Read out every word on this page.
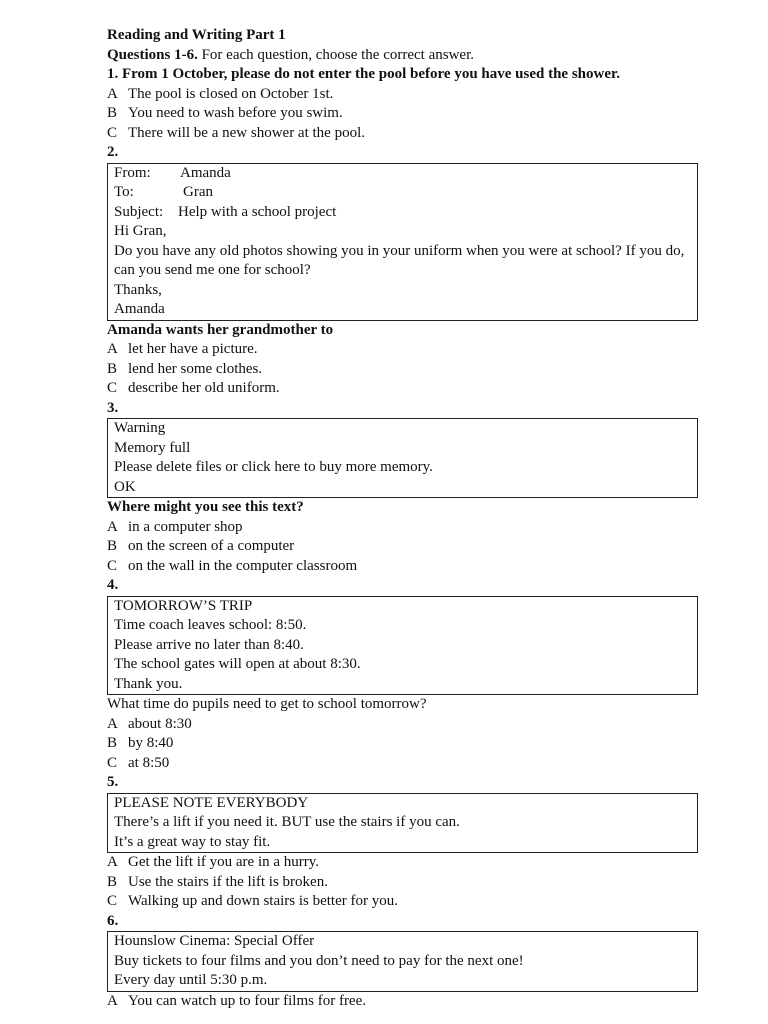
Reading and Writing Part 1
Questions 1-6. For each question, choose the correct answer.
1. From 1 October, please do not enter the pool before you have used the shower.
A The pool is closed on October 1st.
B You need to wash before you swim.
C There will be a new shower at the pool.
2.
From: Amanda
To:	Gran
Subject: Help with a school project
Hi Gran,
Do you have any old photos showing you in your uniform when you were at school? If you do, can you send me one for school?
Thanks,
Amanda
Amanda wants her grandmother to
A let her have a picture.
B lend her some clothes.
C describe her old uniform.
3.
Warning
Memory full
Please delete files or click here to buy more memory.
OK
Where might you see this text?
A in a computer shop
B on the screen of a computer
C on the wall in the computer classroom
4.
TOMORROW’S TRIP
Time coach leaves school: 8:50.
Please arrive no later than 8:40.
The school gates will open at about 8:30.
Thank you.
What time do pupils need to get to school tomorrow?
A about 8:30
B by 8:40
C at 8:50
5.
PLEASE NOTE EVERYBODY
There’s a lift if you need it. BUT use the stairs if you can.
It’s a great way to stay fit.
A Get the lift if you are in a hurry.
B Use the stairs if the lift is broken.
C Walking up and down stairs is better for you.
6.
Hounslow Cinema: Special Offer
Buy tickets to four films and you don’t need to pay for the next one!
Every day until 5:30 p.m.
A You can watch up to four films for free.
